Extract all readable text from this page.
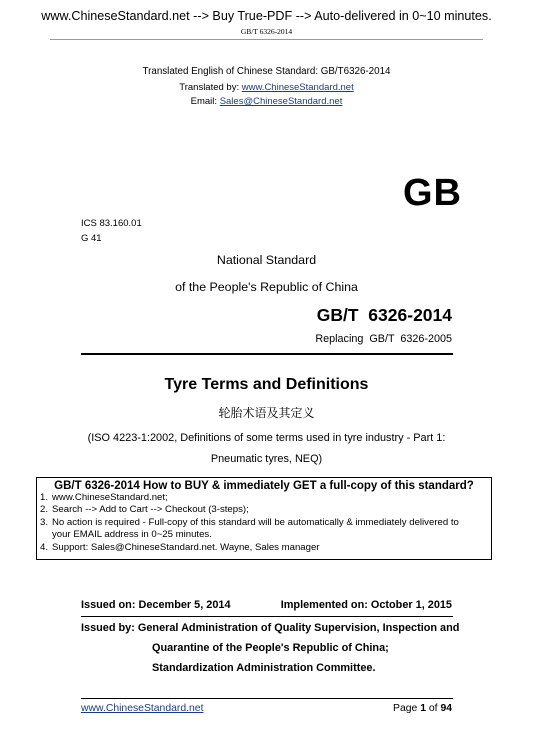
www.ChineseStandard.net --> Buy True-PDF --> Auto-delivered in 0~10 minutes.
GB/T 6326-2014
Translated English of Chinese Standard: GB/T6326-2014
Translated by: www.ChineseStandard.net
Email: Sales@ChineseStandard.net
GB
ICS 83.160.01
G 41
National Standard
of the People's Republic of China
GB/T  6326-2014
Replacing  GB/T  6326-2005
Tyre Terms and Definitions
轮胎术语及其定义
(ISO 4223-1:2002, Definitions of some terms used in tyre industry - Part 1:
Pneumatic tyres, NEQ)
GB/T 6326-2014 How to BUY & immediately GET a full-copy of this standard?
1. www.ChineseStandard.net;
2. Search --> Add to Cart --> Checkout (3-steps);
3. No action is required - Full-copy of this standard will be automatically & immediately delivered to
your EMAIL address in 0~25 minutes.
4. Support: Sales@ChineseStandard.net. Wayne, Sales manager
Issued on: December 5, 2014	Implemented on: October 1, 2015
Issued by: General Administration of Quality Supervision, Inspection and
Quarantine of the People's Republic of China;
Standardization Administration Committee.
www.ChineseStandard.net	Page 1 of 94
